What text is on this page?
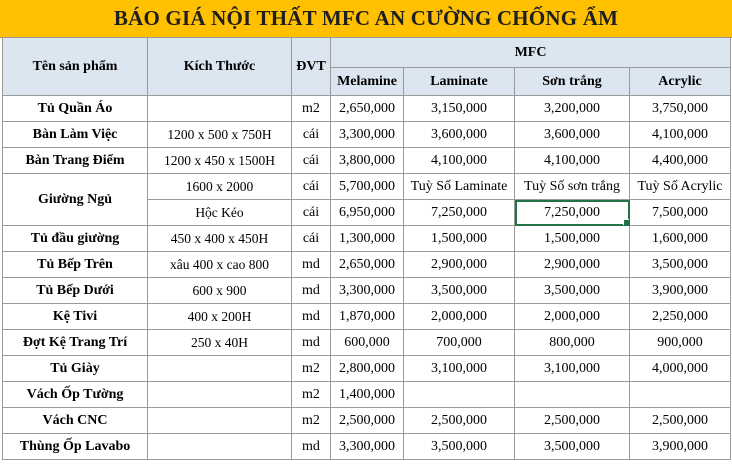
BÁO GIÁ NỘI THẤT MFC AN CƯỜNG CHỐNG ẨM
Tên sản phẩm	Kích Thước	ĐVT	MFC			
			Melamine	Laminate	Sơn trắng	Acrylic
Tủ Quần Áo		m2	2,650,000	3,150,000	3,200,000	3,750,000
Bàn Làm Việc	1200 x 500 x 750H	cái	3,300,000	3,600,000	3,600,000	4,100,000
Bàn Trang Điểm	1200 x 450 x 1500H	cái	3,800,000	4,100,000	4,100,000	4,400,000
Giường Ngủ	1600 x 2000	cái	5,700,000	Tuỳ Số Laminate	Tuỳ Số sơn trắng	Tuỳ Số Acrylic
	Hộc Kéo	cái	6,950,000	7,250,000	7,250,000	7,500,000
Tủ đầu giường	450 x 400 x 450H	cái	1,300,000	1,500,000	1,500,000	1,600,000
Tủ Bếp Trên	xâu 400 x cao 800	md	2,650,000	2,900,000	2,900,000	3,500,000
Tủ Bếp Dưới	600 x 900	md	3,300,000	3,500,000	3,500,000	3,900,000
Kệ Tivi	400 x 200H	md	1,870,000	2,000,000	2,000,000	2,250,000
Đợt Kệ Trang Trí	250 x 40H	md	600,000	700,000	800,000	900,000
Tủ Giày		m2	2,800,000	3,100,000	3,100,000	4,000,000
Vách Ốp Tường		m2	1,400,000			
Vách CNC		m2	2,500,000	2,500,000	2,500,000	2,500,000
Thùng Ốp Lavabo		md	3,300,000	3,500,000	3,500,000	3,900,000
